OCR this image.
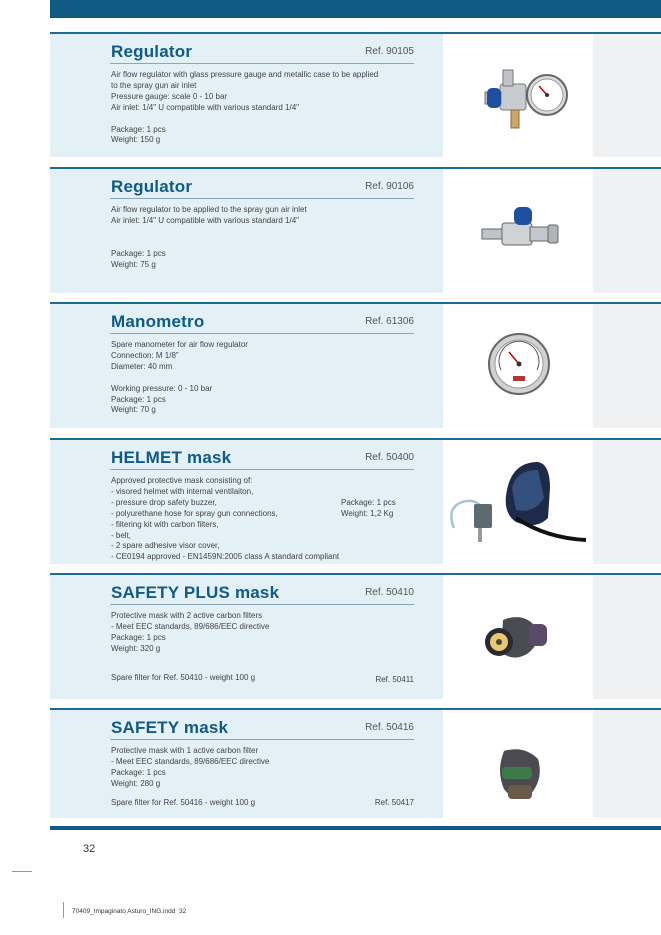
Regulator	Ref. 90105
Air flow regulator with glass pressure gauge and metallic case to be applied
to the spray gun air inlet
Pressure gauge: scale 0 - 10 bar
Air inlet: 1/4" U compatible with various standard 1/4"
Package: 1 pcs
Weight: 150 g
Regulator	Ref. 90106
Air flow regulator to be applied to the spray gun air inlet
Air inlet: 1/4" U compatible with various standard 1/4"
Package: 1 pcs
Weight: 75 g
Manometro	Ref. 61306
Spare manometer for air flow regulator
Connection: M 1/8"
Diameter: 40 mm
Working pressure: 0 - 10 bar
Package: 1 pcs
Weight: 70 g
HELMET mask	Ref. 50400
Approved protective mask consisting of:
- visored helmet with internal ventilaiton,
- pressure drop safety buzzer,
- polyurethane hose for spray gun connections,
- filtering kit with carbon filters,
- belt,
- 2 spare adhesive visor cover,
- CE0194 approved - EN1459N:2005 class A standard compliant
Package: 1 pcs
Weight: 1,2 Kg
SAFETY PLUS mask	Ref. 50410
Protective mask with 2 active carbon filters
- Meet EEC standards, 89/686/EEC directive
Package: 1 pcs
Weight: 320 g
Spare filter for Ref. 50410 - weight 100 g	Ref. 50411
SAFETY mask	Ref. 50416
Protective mask with 1 active carbon filter
- Meet EEC standards, 89/686/EEC directive
Package: 1 pcs
Weight: 280 g
Spare filter for Ref. 50416 - weight 100 g	Ref. 50417
32
70409_Impaginato Asturo_ING.indd 32
